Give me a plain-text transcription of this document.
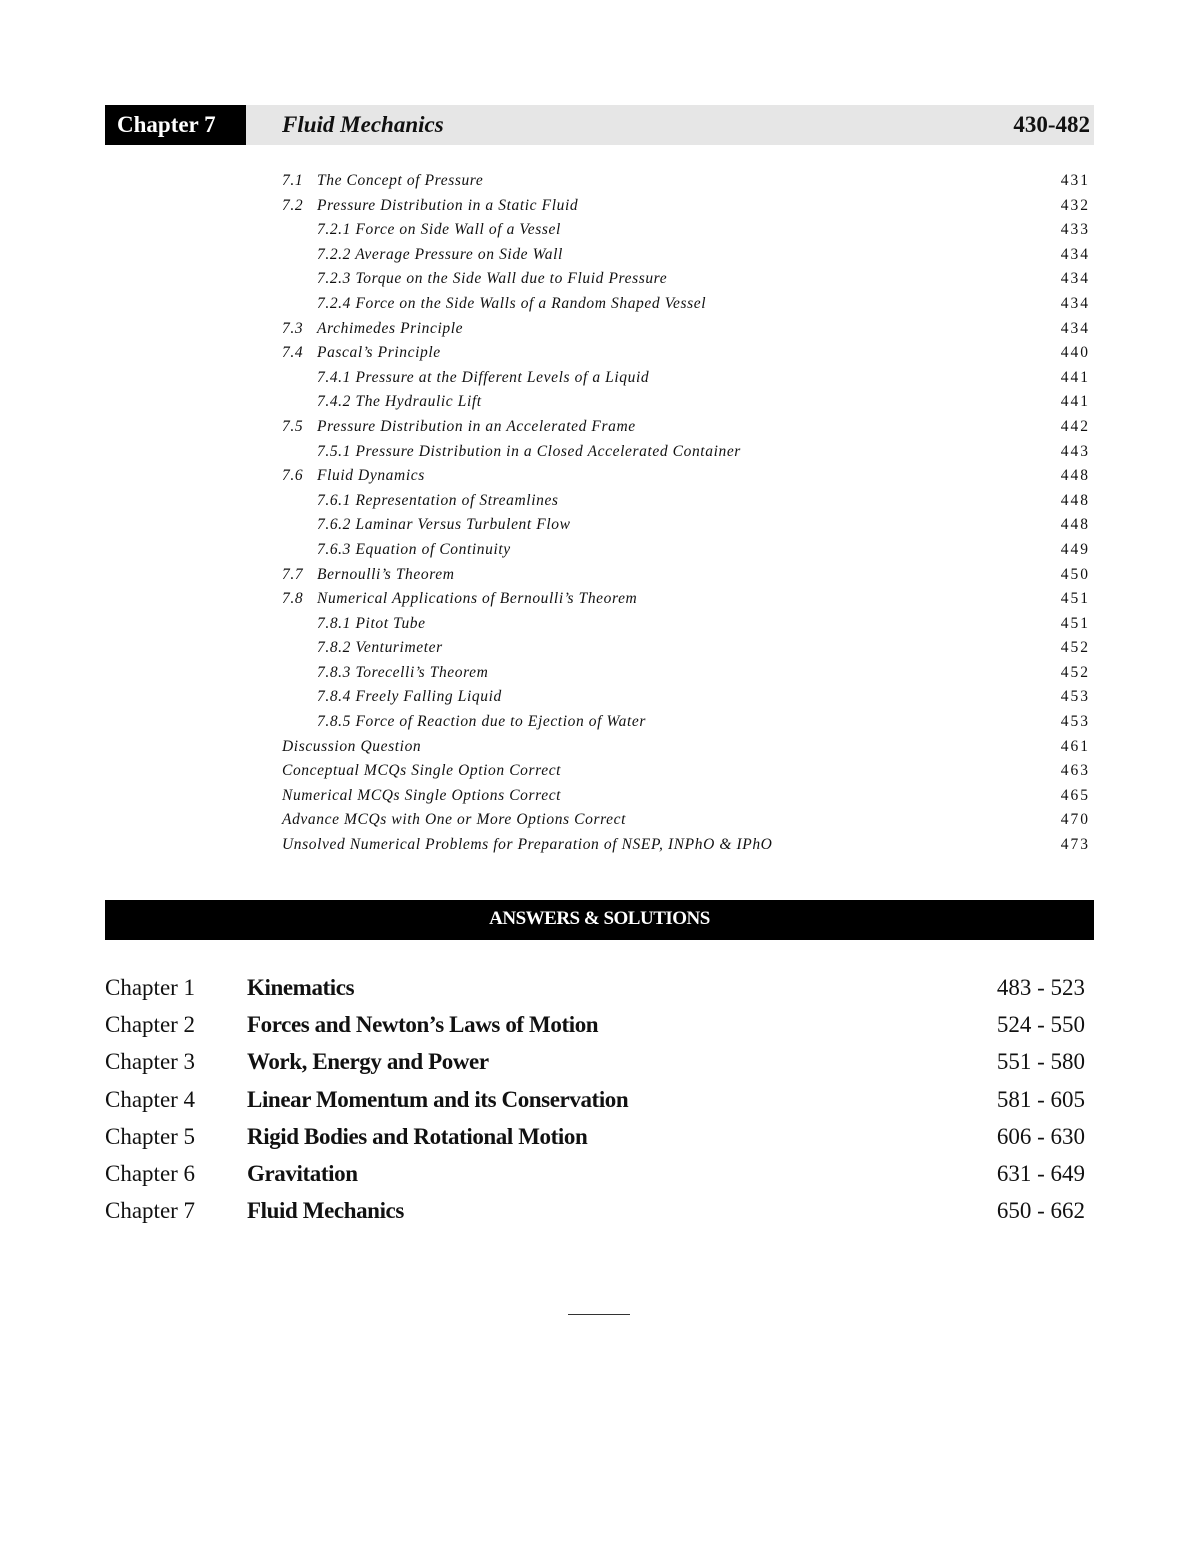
Chapter 7	Fluid Mechanics	430-482
7.1 The Concept of Pressure	431
7.2 Pressure Distribution in a Static Fluid	432
7.2.1 Force on Side Wall of a Vessel	433
7.2.2 Average Pressure on Side Wall	434
7.2.3 Torque on the Side Wall due to Fluid Pressure	434
7.2.4 Force on the Side Walls of a Random Shaped Vessel	434
7.3 Archimedes Principle	434
7.4 Pascal’s Principle	440
7.4.1 Pressure at the Different Levels of a Liquid	441
7.4.2 The Hydraulic Lift	441
7.5 Pressure Distribution in an Accelerated Frame	442
7.5.1 Pressure Distribution in a Closed Accelerated Container	443
7.6 Fluid Dynamics	448
7.6.1 Representation of Streamlines	448
7.6.2 Laminar Versus Turbulent Flow	448
7.6.3 Equation of Continuity	449
7.7 Bernoulli’s Theorem	450
7.8 Numerical Applications of Bernoulli’s Theorem	451
7.8.1 Pitot Tube	451
7.8.2 Venturimeter	452
7.8.3 Torecelli’s Theorem	452
7.8.4 Freely Falling Liquid	453
7.8.5 Force of Reaction due to Ejection of Water	453
Discussion Question	461
Conceptual MCQs Single Option Correct	463
Numerical MCQs Single Options Correct	465
Advance MCQs with One or More Options Correct	470
Unsolved Numerical Problems for Preparation of NSEP, INPhO & IPhO	473
ANSWERS & SOLUTIONS
Chapter 1 Kinematics	483 - 523
Chapter 2 Forces and Newton’s Laws of Motion	524 - 550
Chapter 3 Work, Energy and Power	551 - 580
Chapter 4 Linear Momentum and its Conservation	581 - 605
Chapter 5 Rigid Bodies and Rotational Motion	606 - 630
Chapter 6 Gravitation	631 - 649
Chapter 7 Fluid Mechanics	650 - 662
